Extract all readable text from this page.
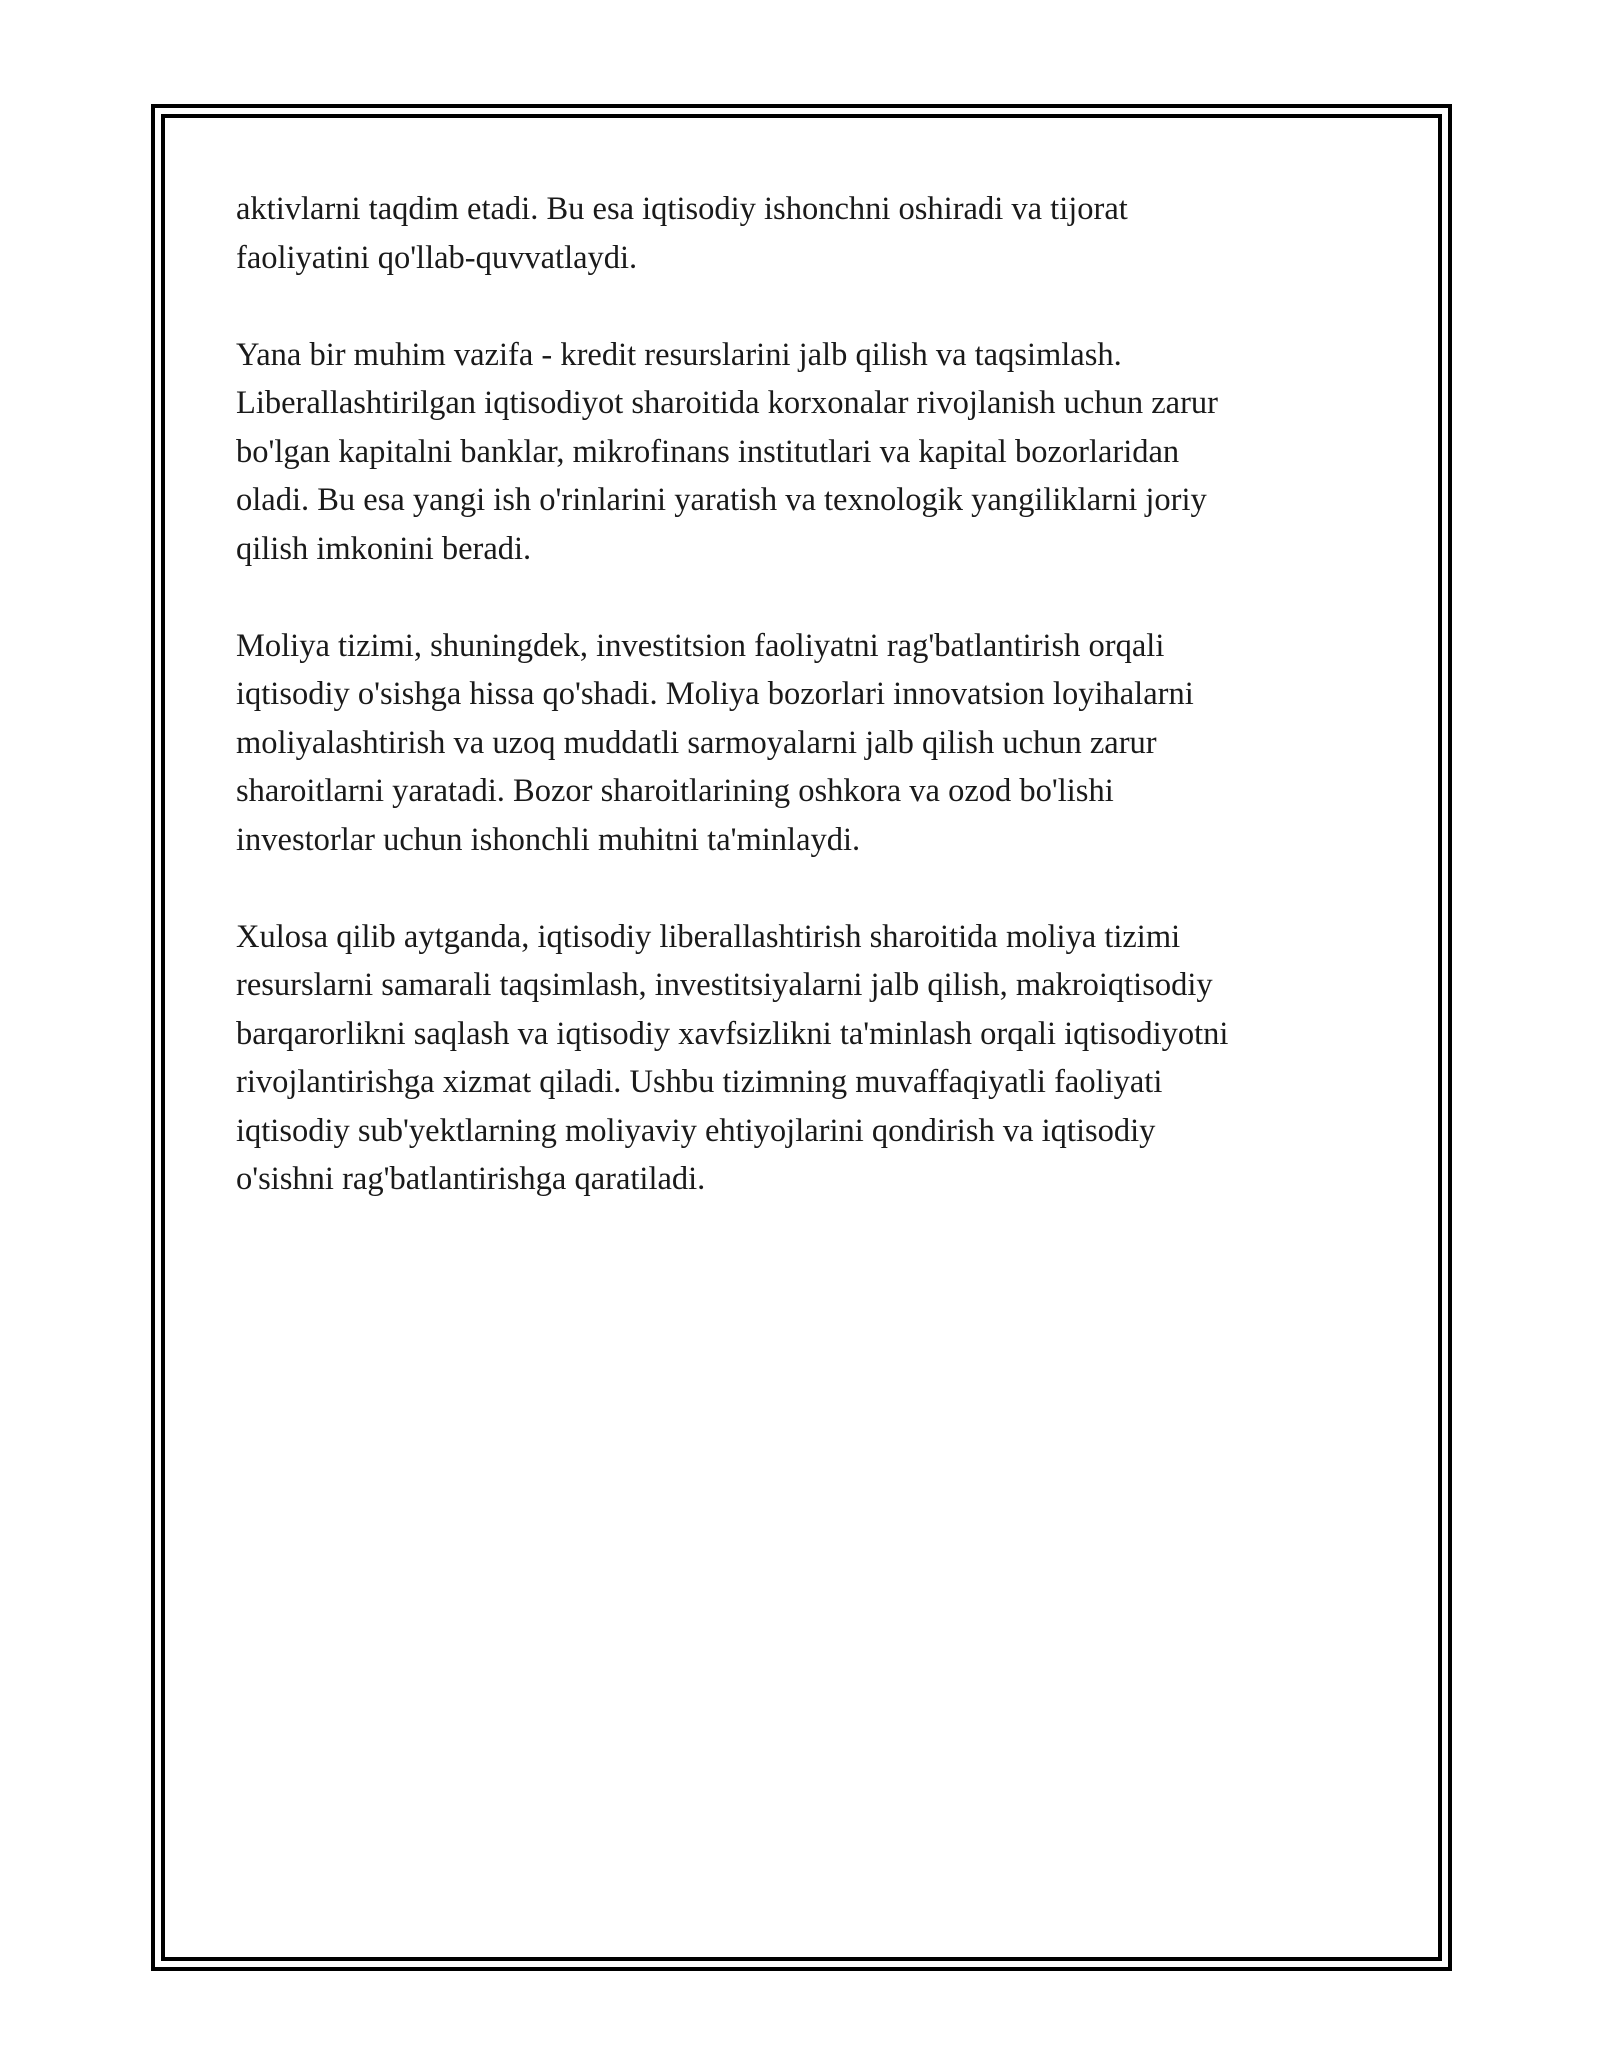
aktivlarni taqdim etadi. Bu esa iqtisodiy ishonchni oshiradi va tijorat
faoliyatini qo'llab-quvvatlaydi.

Yana bir muhim vazifa - kredit resurslarini jalb qilish va taqsimlash.
Liberallashtirilgan iqtisodiyot sharoitida korxonalar rivojlanish uchun zarur
bo'lgan kapitalni banklar, mikrofinans institutlari va kapital bozorlaridan
oladi. Bu esa yangi ish o'rinlarini yaratish va texnologik yangiliklarni joriy
qilish imkonini beradi.

Moliya tizimi, shuningdek, investitsion faoliyatni rag'batlantirish orqali
iqtisodiy o'sishga hissa qo'shadi. Moliya bozorlari innovatsion loyihalarni
moliyalashtirish va uzoq muddatli sarmoyalarni jalb qilish uchun zarur
sharoitlarni yaratadi. Bozor sharoitlarining oshkora va ozod bo'lishi
investorlar uchun ishonchli muhitni ta'minlaydi.

Xulosa qilib aytganda, iqtisodiy liberallashtirish sharoitida moliya tizimi
resurslarni samarali taqsimlash, investitsiyalarni jalb qilish, makroiqtisodiy
barqarorlikni saqlash va iqtisodiy xavfsizlikni ta'minlash orqali iqtisodiyotni
rivojlantirishga xizmat qiladi. Ushbu tizimning muvaffaqiyatli faoliyati
iqtisodiy sub'yektlarning moliyaviy ehtiyojlarini qondirish va iqtisodiy
o'sishni rag'batlantirishga qaratiladi.
